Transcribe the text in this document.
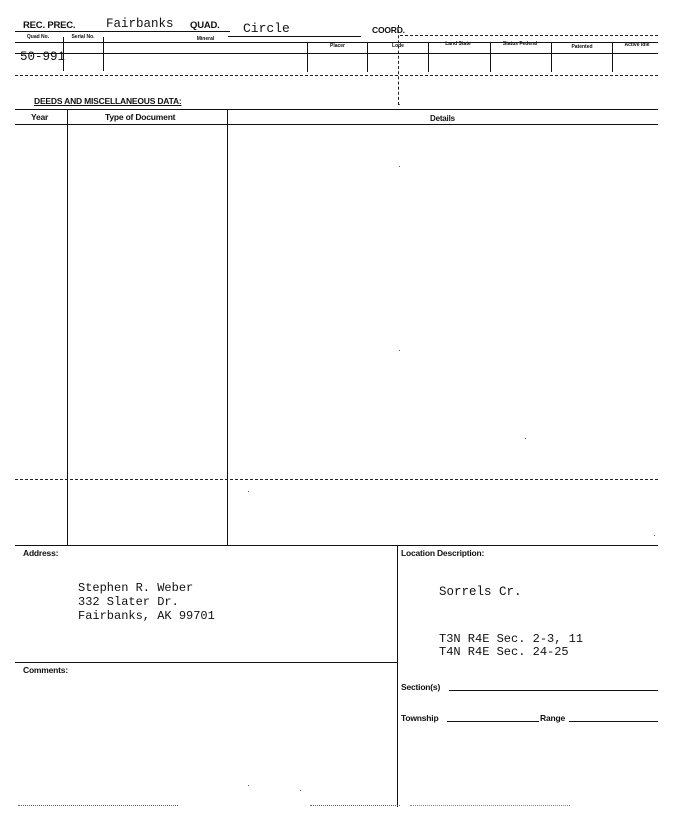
REC. PREC. Fairbanks QUAD. Circle	COORD.
Quad No.	Serial No.	Mineral
Placer	Lode	Land State	Status Federal	Patented	Active Idle
50-991
DEEDS AND MISCELLANEOUS DATA:
Year	Type of Document	Details
Address:
Stephen R. Weber
332 Slater Dr.
Fairbanks, AK 99701
Location Description:
Sorrels Cr.
T3N R4E Sec. 2-3, 11
T4N R4E Sec. 24-25
Section(s)
Township	Range
Comments:
